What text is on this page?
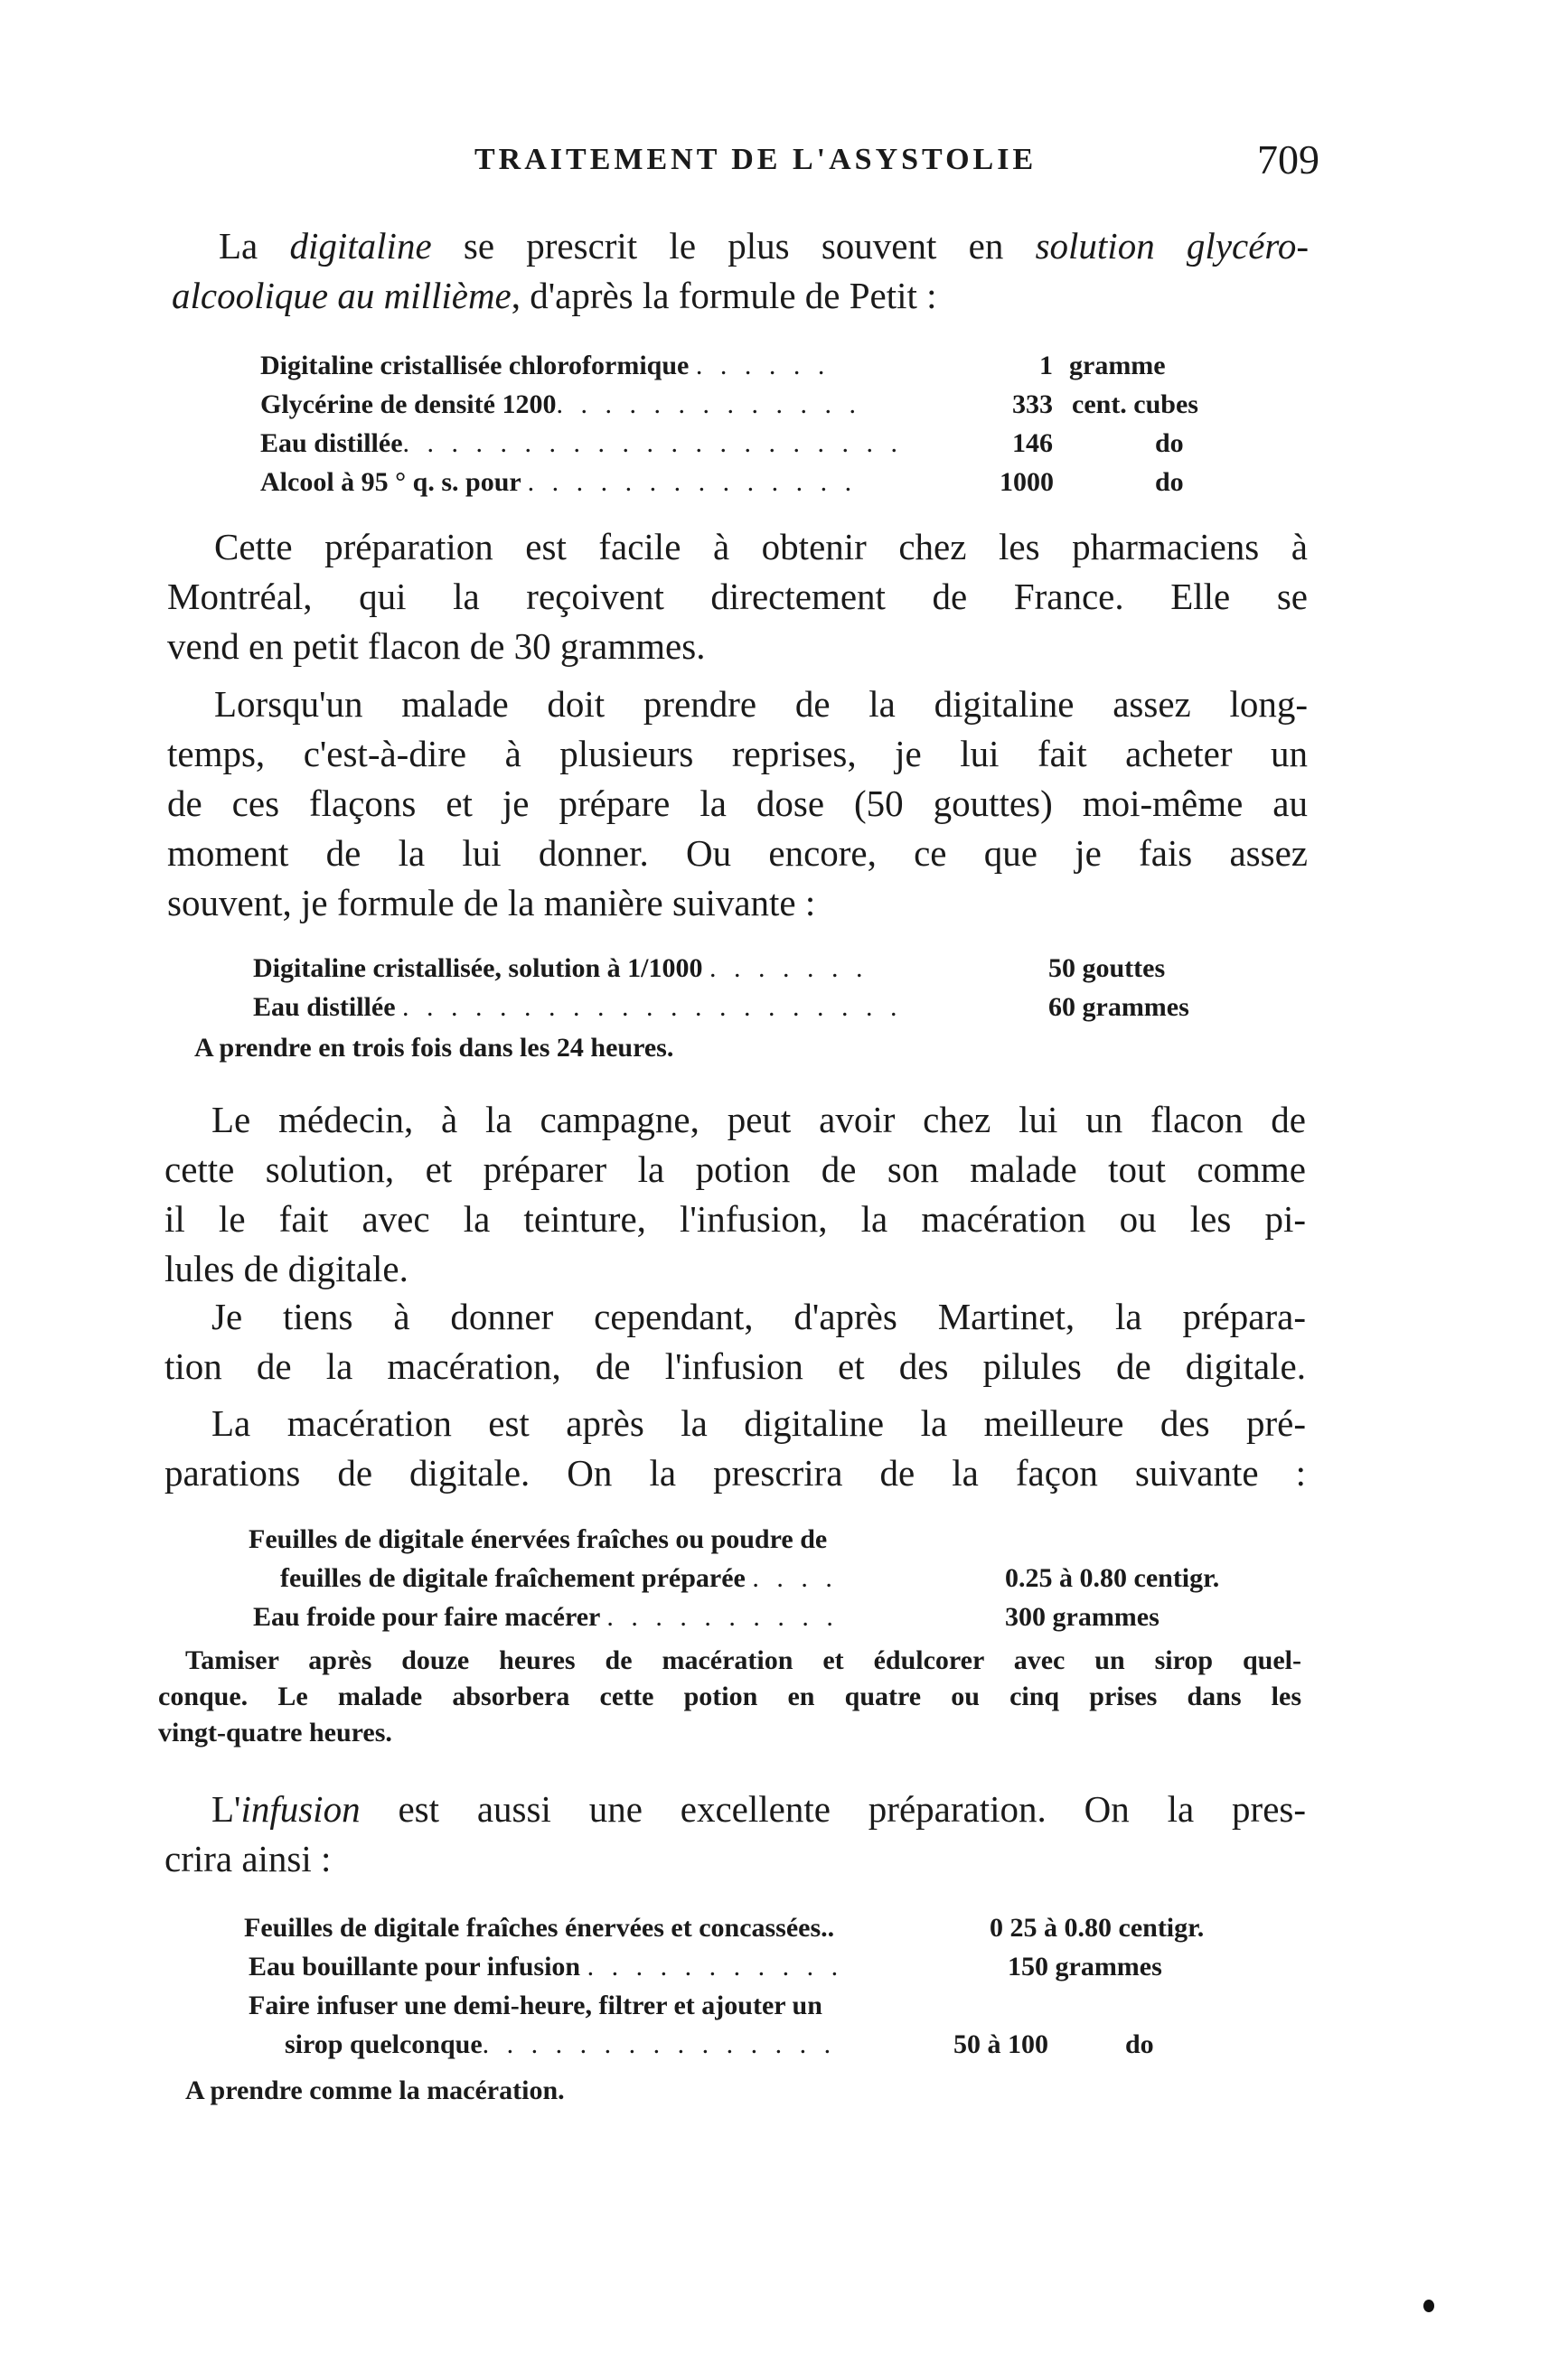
TRAITEMENT DE L'ASYSTOLIE	709
La digitaline se prescrit le plus souvent en solution glycéro-
alcoolique au millième, d'après la formule de Petit :
Digitaline cristallisée chloroformique . . . . . .	1 gramme
Glycérine de densité 1200. . . . . . . . . . . . .	333 cent. cubes
Eau distillée. . . . . . . . . . . . . . . . . . . . .	146	do
Alcool à 95 ° q. s. pour . . . . . . . . . . . . . .	1000	do
Cette préparation est facile à obtenir chez les pharmaciens à
Montréal, qui la reçoivent directement de France. Elle se
vend en petit flacon de 30 grammes.
Lorsqu'un malade doit prendre de la digitaline assez long-
temps, c'est-à-dire à plusieurs reprises, je lui fait acheter un
de ces flaçons et je prépare la dose (50 gouttes) moi-même au
moment de la lui donner. Ou encore, ce que je fais assez
souvent, je formule de la manière suivante :
Digitaline cristallisée, solution à 1/1000 . . . . . . .	50 gouttes
Eau distillée . . . . . . . . . . . . . . . . . . . . .	60 grammes
A prendre en trois fois dans les 24 heures.
Le médecin, à la campagne, peut avoir chez lui un flacon de
cette solution, et préparer la potion de son malade tout comme
il le fait avec la teinture, l'infusion, la macération ou les pi-
lules de digitale.
Je tiens à donner cependant, d'après Martinet, la prépara-
tion de la macération, de l'infusion et des pilules de digitale.
La macération est après la digitaline la meilleure des pré-
parations de digitale. On la prescrira de la façon suivante :
Feuilles de digitale énervées fraîches ou poudre de
feuilles de digitale fraîchement préparée . . . .	0.25 à 0.80 centigr.
Eau froide pour faire macérer . . . . . . . . . .	300 grammes
Tamiser après douze heures de macération et édulcorer avec un sirop quel-
conque. Le malade absorbera cette potion en quatre ou cinq prises dans les
vingt-quatre heures.
L'infusion est aussi une excellente préparation. On la pres-
crira ainsi :
Feuilles de digitale fraîches énervées et concassées..	0 25 à 0.80 centigr.
Eau bouillante pour infusion . . . . . . . . . . .	150 grammes
Faire infuser une demi-heure, filtrer et ajouter un
sirop quelconque. . . . . . . . . . . . . . .	50 à 100	do
A prendre comme la macération.
